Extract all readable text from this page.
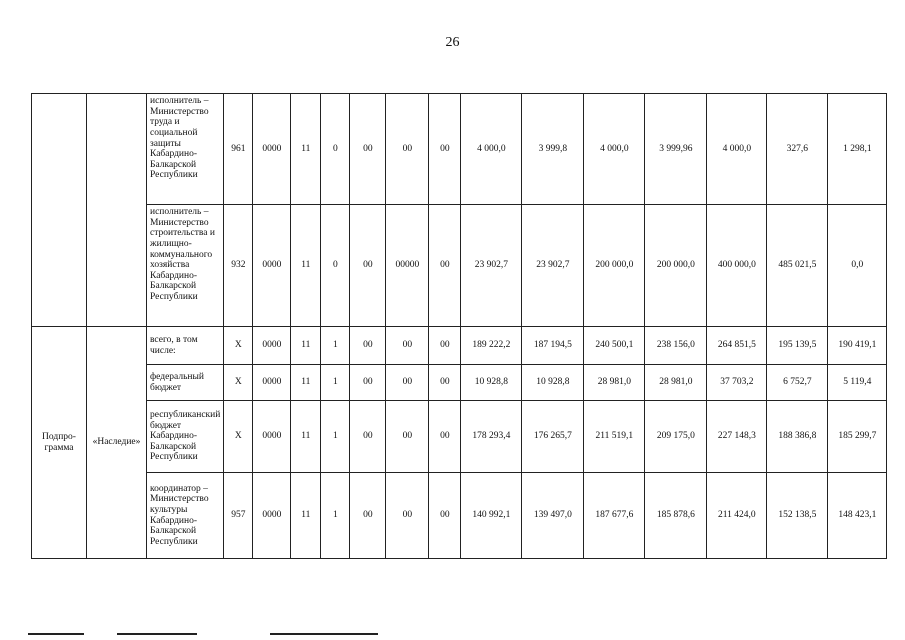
26
		исполнитель – Министерство труда и социальной защиты Кабардино-Балкарской Республики	961	0000	11	0	00	00	00	4 000,0	3 999,8	4 000,0	3 999,96	4 000,0	327,6	1 298,1
		исполнитель – Министерство строительства и жилищно-коммунального хозяйства Кабардино-Балкарской Республики	932	0000	11	0	00	00000	00	23 902,7	23 902,7	200 000,0	200 000,0	400 000,0	485 021,5	0,0
Подпро-грамма	«Наследие»	всего, в том числе:	Х	0000	11	1	00	00	00	189 222,2	187 194,5	240 500,1	238 156,0	264 851,5	195 139,5	190 419,1
		федеральный бюджет	Х	0000	11	1	00	00	00	10 928,8	10 928,8	28 981,0	28 981,0	37 703,2	6 752,7	5 119,4
		республиканский бюджет Кабардино-Балкарской Республики	Х	0000	11	1	00	00	00	178 293,4	176 265,7	211 519,1	209 175,0	227 148,3	188 386,8	185 299,7
		координатор – Министерство культуры Кабардино-Балкарской Республики	957	0000	11	1	00	00	00	140 992,1	139 497,0	187 677,6	185 878,6	211 424,0	152 138,5	148 423,1
